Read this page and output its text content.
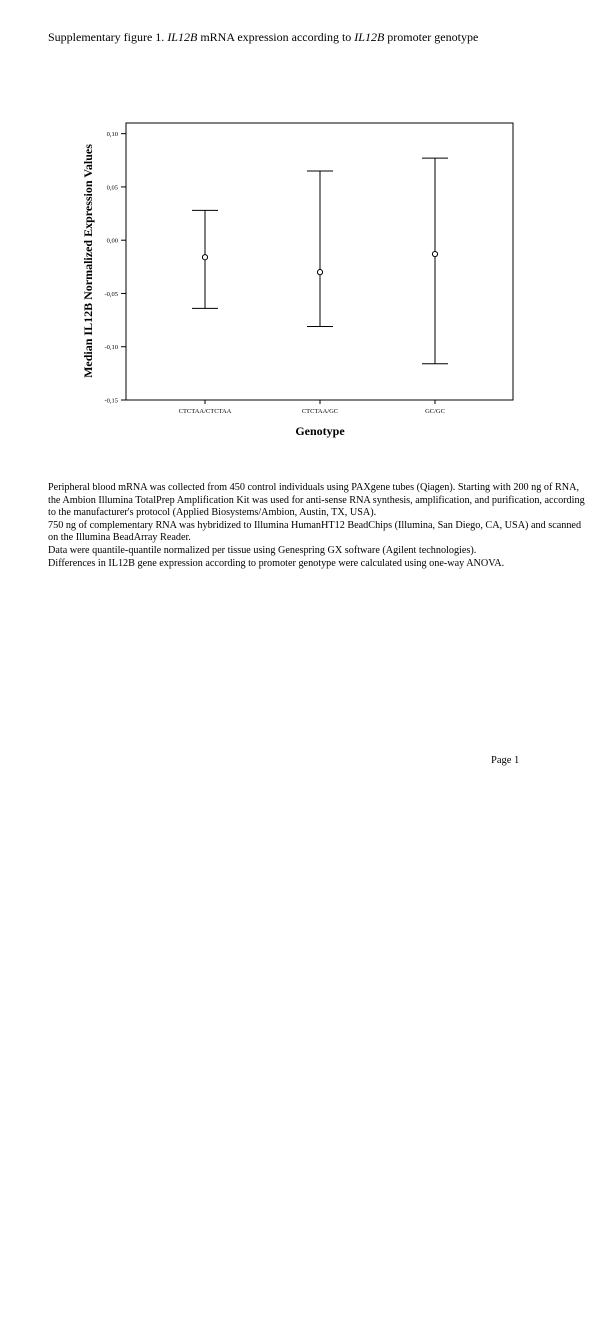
Supplementary figure 1. IL12B mRNA expression according to IL12B promoter genotype
0,10
0,05
0,00
-0,05
-0,10
-0,15
CTCTAA/CTCTAA	CTCTAA/GC	GC/GC
Median IL12B Normalized Expression Values
Genotype

Peripheral blood mRNA was collected from 450 control individuals using PAXgene tubes (Qiagen). Starting with 200 ng of RNA, the Ambion Illumina TotalPrep Amplification Kit was used for anti-sense RNA synthesis, amplification, and purification, according to the manufacturer's protocol (Applied Biosystems/Ambion, Austin, TX, USA).

750 ng of complementary RNA was hybridized to Illumina HumanHT12 BeadChips (Illumina, San Diego, CA, USA) and scanned on the Illumina BeadArray Reader.

Data were quantile-quantile normalized per tissue using Genespring GX software (Agilent technologies).

Differences in IL12B gene expression according to promoter genotype were calculated using one-way ANOVA.

Page 1
